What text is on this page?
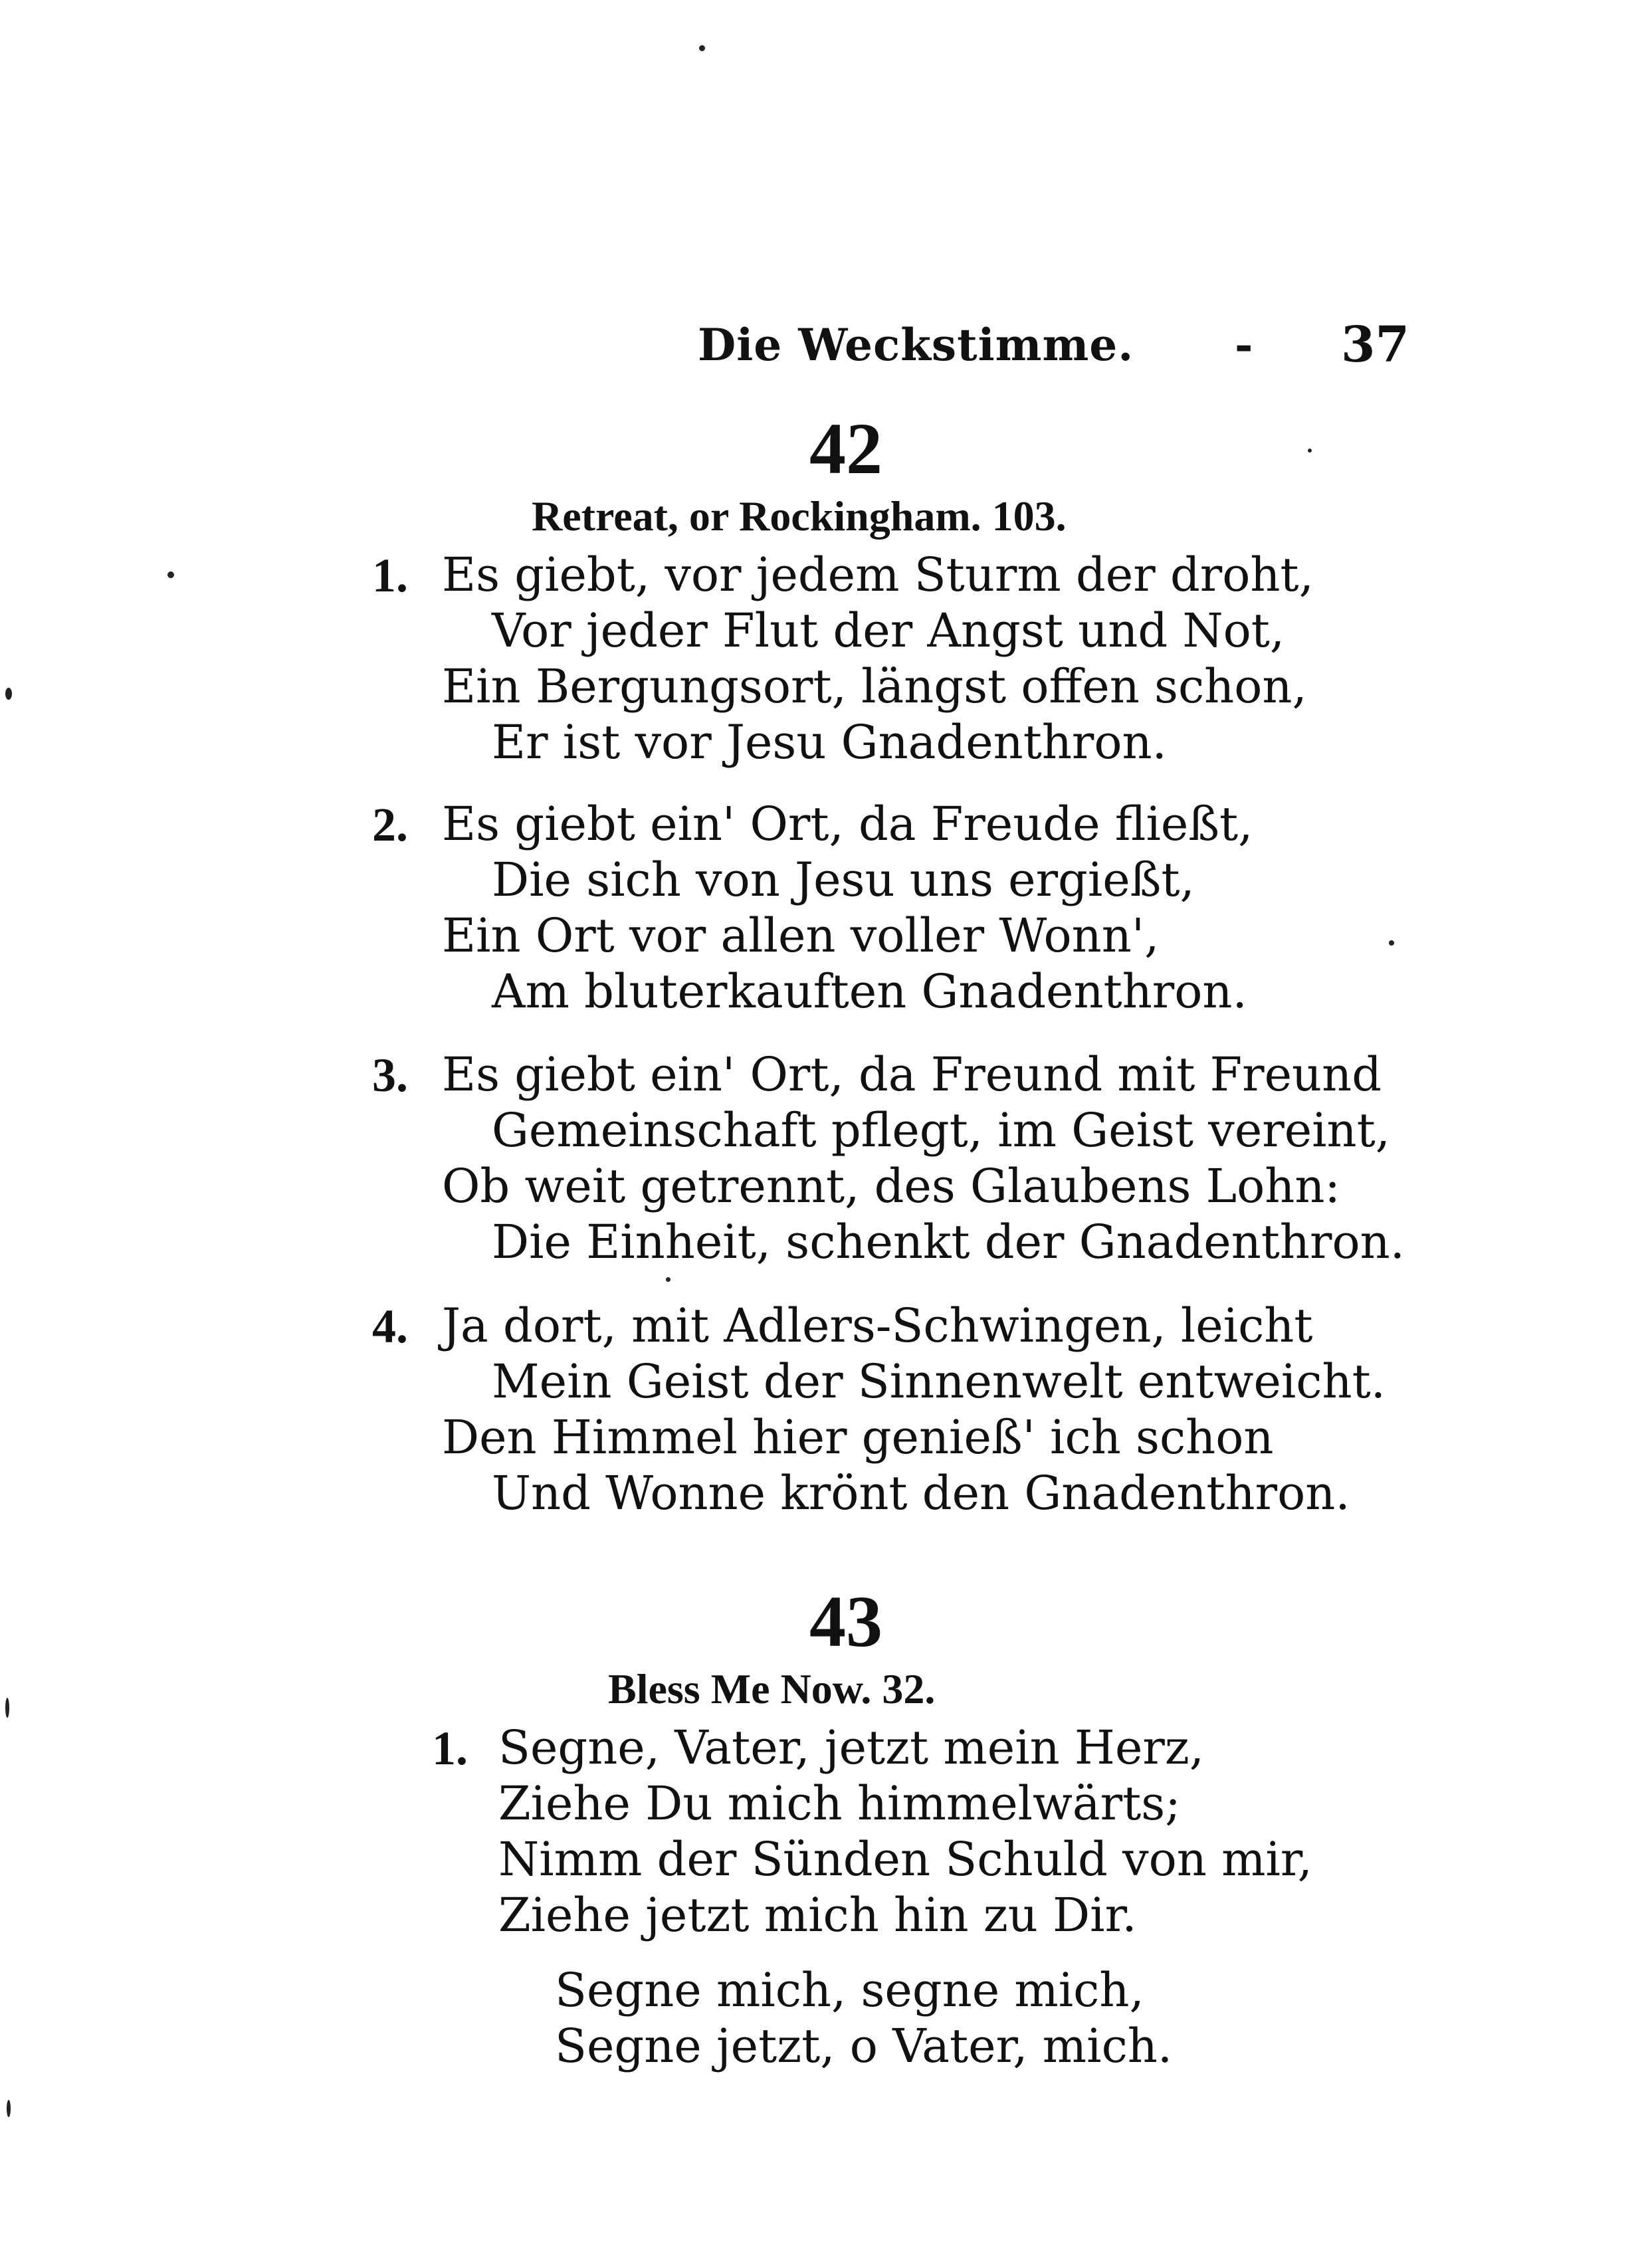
Die Weckstimme. - 37
42
Retreat, or Rockingham. 103.
1. Es giebt, vor jedem Sturm der droht,
Vor jeder Flut der Angst und Not,
Ein Bergungsort, längst offen schon,
Er ist vor Jesu Gnadenthron.
2. Es giebt ein' Ort, da Freude fließt,
Die sich von Jesu uns ergießt,
Ein Ort vor allen voller Wonn',
Am bluterkauften Gnadenthron.
3. Es giebt ein' Ort, da Freund mit Freund
Gemeinschaft pflegt, im Geist vereint,
Ob weit getrennt, des Glaubens Lohn:
Die Einheit, schenkt der Gnadenthron.
4. Ja dort, mit Adlers-Schwingen, leicht
Mein Geist der Sinnenwelt entweicht.
Den Himmel hier genieß' ich schon
Und Wonne krönt den Gnadenthron.
43
Bless Me Now. 32.
1. Segne, Vater, jetzt mein Herz,
Ziehe Du mich himmelwärts;
Nimm der Sünden Schuld von mir,
Ziehe jetzt mich hin zu Dir.
Segne mich, segne mich,
Segne jetzt, o Vater, mich.
